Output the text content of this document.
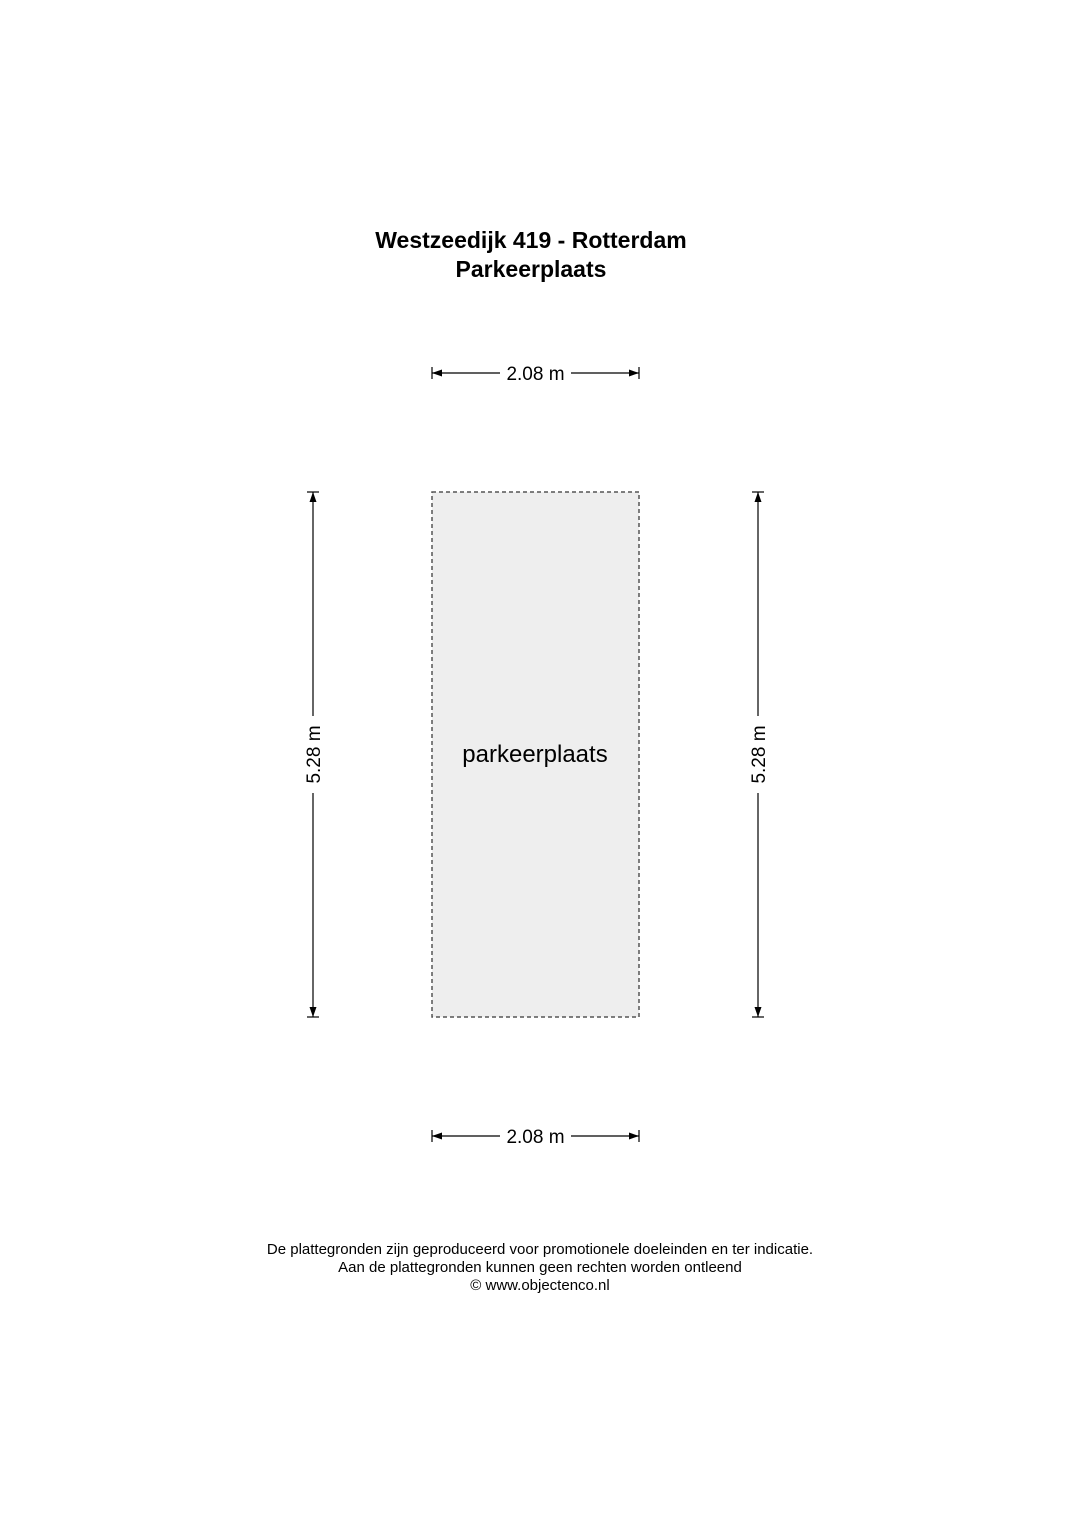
Westzeedijk 419 - Rotterdam
Parkeerplaats
parkeerplaats
2.08 m
2.08 m
5.28 m	5.28 m
De plattegronden zijn geproduceerd voor promotionele doeleinden en ter indicatie.
Aan de plattegronden kunnen geen rechten worden ontleend
© www.objectenco.nl
